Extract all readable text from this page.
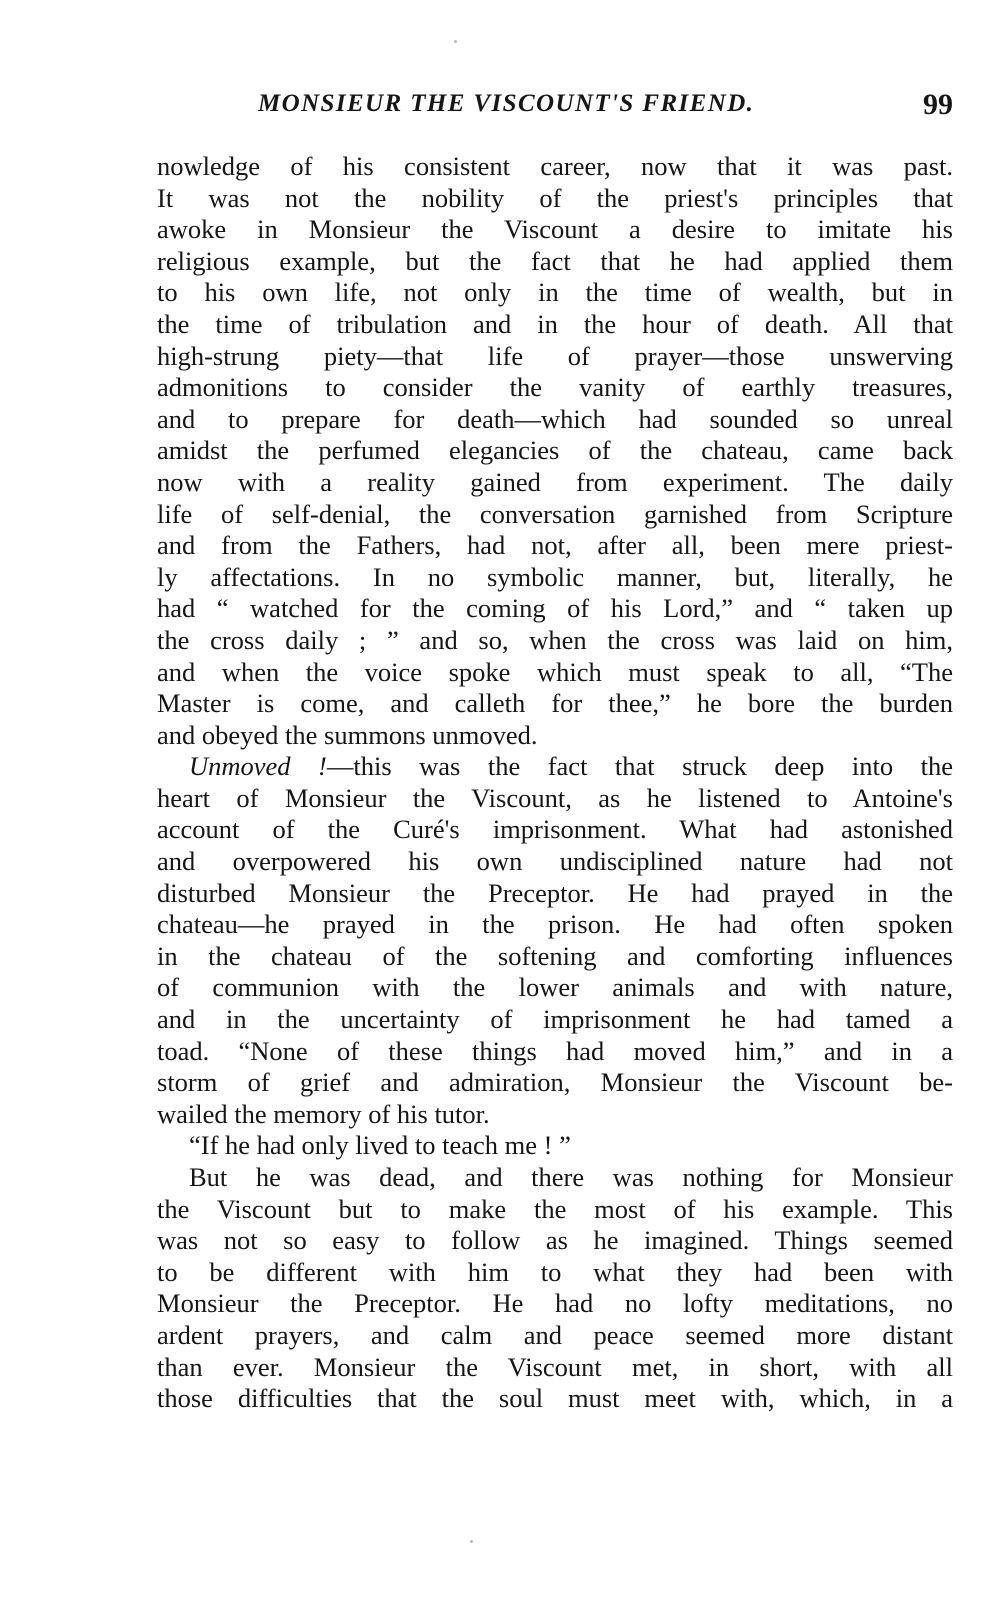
MONSIEUR THE VISCOUNT'S FRIEND.	99
nowledge of his consistent career, now that it was past.
It was not the nobility of the priest's principles that
awoke in Monsieur the Viscount a desire to imitate his
religious example, but the fact that he had applied them
to his own life, not only in the time of wealth, but in
the time of tribulation and in the hour of death. All that
high-strung piety—that life of prayer—those unswerving
admonitions to consider the vanity of earthly treasures,
and to prepare for death—which had sounded so unreal
amidst the perfumed elegancies of the chateau, came back
now with a reality gained from experiment. The daily
life of self-denial, the conversation garnished from Scripture
and from the Fathers, had not, after all, been mere priest-
ly affectations. In no symbolic manner, but, literally, he
had “ watched for the coming of his Lord,” and “ taken up
the cross daily ; ” and so, when the cross was laid on him,
and when the voice spoke which must speak to all, “The
Master is come, and calleth for thee,” he bore the burden
and obeyed the summons unmoved.
Unmoved !—this was the fact that struck deep into the
heart of Monsieur the Viscount, as he listened to Antoine's
account of the Curé's imprisonment. What had astonished
and overpowered his own undisciplined nature had not
disturbed Monsieur the Preceptor. He had prayed in the
chateau—he prayed in the prison. He had often spoken
in the chateau of the softening and comforting influences
of communion with the lower animals and with nature,
and in the uncertainty of imprisonment he had tamed a
toad. “None of these things had moved him,” and in a
storm of grief and admiration, Monsieur the Viscount be-
wailed the memory of his tutor.
“If he had only lived to teach me ! ”
But he was dead, and there was nothing for Monsieur
the Viscount but to make the most of his example. This
was not so easy to follow as he imagined. Things seemed
to be different with him to what they had been with
Monsieur the Preceptor. He had no lofty meditations, no
ardent prayers, and calm and peace seemed more distant
than ever. Monsieur the Viscount met, in short, with all
those difficulties that the soul must meet with, which, in a
